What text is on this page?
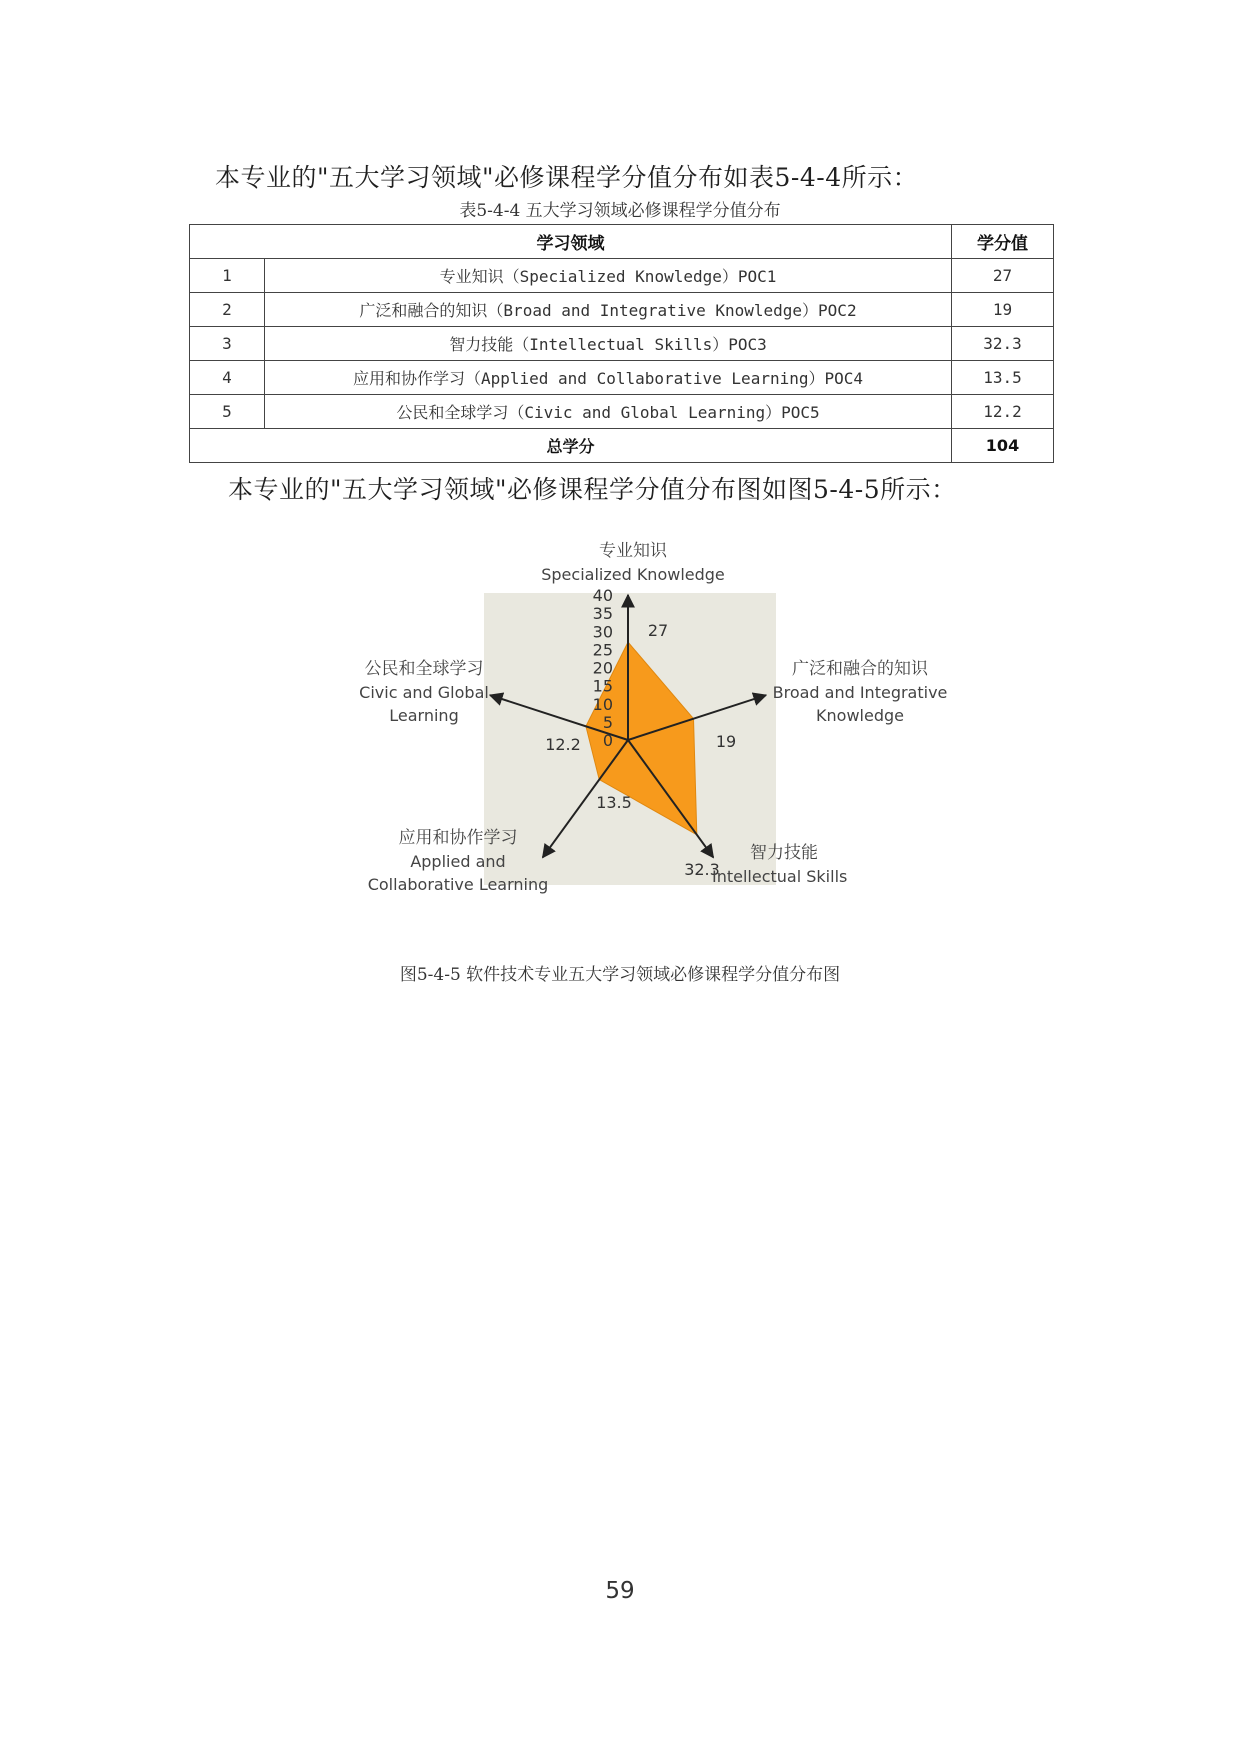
本专业的"五大学习领域"必修课程学分值分布如表5-4-4所示：

表5-4-4 五大学习领域必修课程学分值分布
学习领域		学分值
1	专业知识（Specialized Knowledge）POC1	27
2	广泛和融合的知识（Broad and Integrative Knowledge）POC2	19
3	智力技能（Intellectual Skills）POC3	32.3
4	应用和协作学习（Applied and Collaborative Learning）POC4	13.5
5	公民和全球学习（Civic and Global Learning）POC5	12.2
总学分		104

本专业的"五大学习领域"必修课程学分值分布图如图5-4-5所示：

40
35
30
25
20
15
10
5
0
27
19
32.3
13.5
12.2
专业知识
Specialized Knowledge
广泛和融合的知识
Broad and Integrative
Knowledge
智力技能
Intellectual Skills
应用和协作学习
Applied and
Collaborative Learning
公民和全球学习
Civic and Global
Learning
图5-4-5 软件技术专业五大学习领域必修课程学分值分布图
59
